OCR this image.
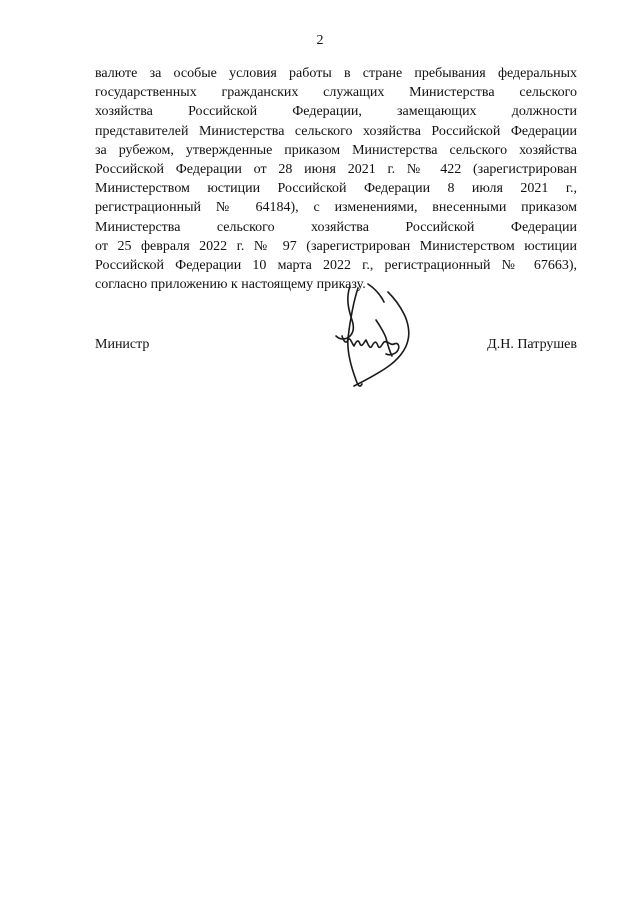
2
валюте за особые условия работы в стране пребывания федеральных
государственных гражданских служащих Министерства сельского
хозяйства Российской Федерации, замещающих должности
представителей Министерства сельского хозяйства Российской Федерации
за рубежом, утвержденные приказом Министерства сельского хозяйства
Российской Федерации от 28 июня 2021 г. № 422 (зарегистрирован
Министерством юстиции Российской Федерации 8 июля 2021 г.,
регистрационный № 64184), с изменениями, внесенными приказом
Министерства сельского хозяйства Российской Федерации
от 25 февраля 2022 г. № 97 (зарегистрирован Министерством юстиции
Российской Федерации 10 марта 2022 г., регистрационный № 67663),
согласно приложению к настоящему приказу.
Министр	Д.Н. Патрушев
